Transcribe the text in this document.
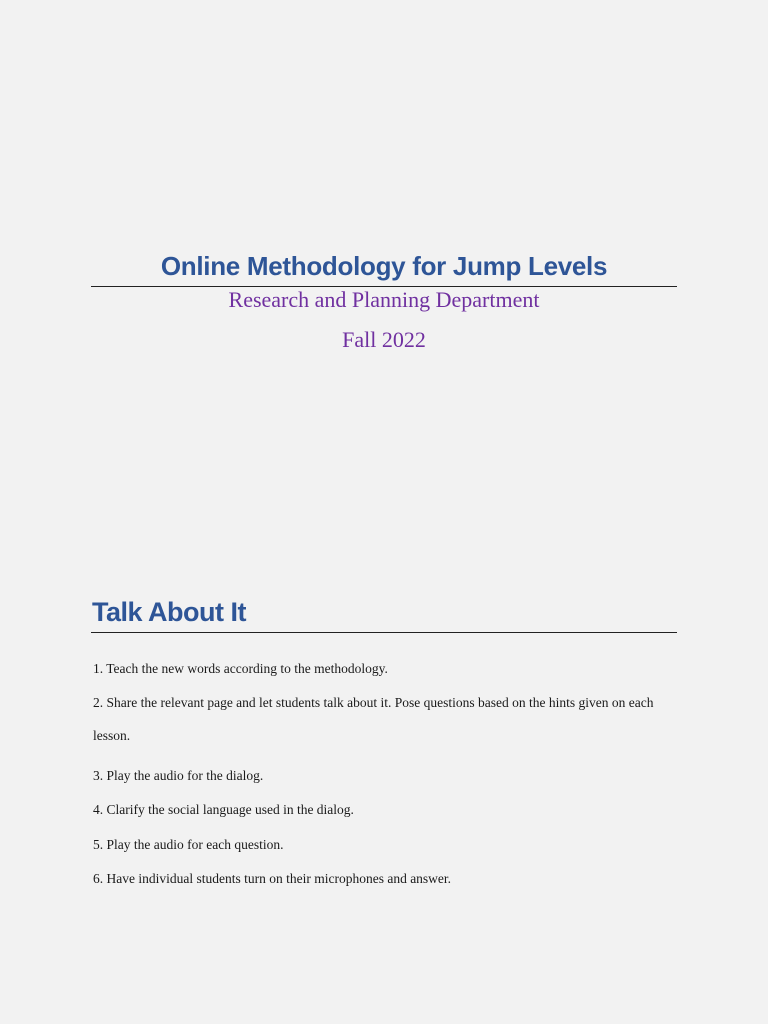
Online Methodology for Jump Levels
Research and Planning Department
Fall 2022
Talk About It
1. Teach the new words according to the methodology.
2. Share the relevant page and let students talk about it. Pose questions based on the hints given on each lesson.
3. Play the audio for the dialog.
4. Clarify the social language used in the dialog.
5. Play the audio for each question.
6. Have individual students turn on their microphones and answer.
